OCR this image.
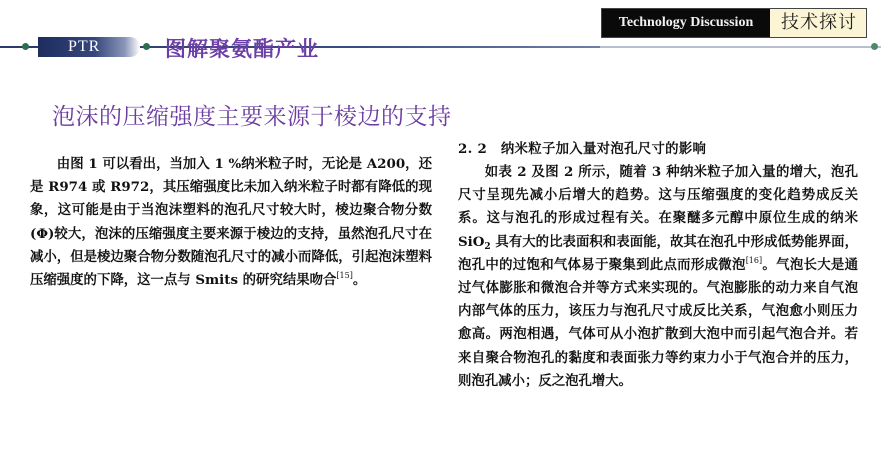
PTR	图解聚氨酯产业
Technology Discussion	技术探讨
泡沫的压缩强度主要来源于棱边的支持

由图 1 可以看出，当加入 1 %纳米粒子时，无论是 A200，还是 R974 或 R972，其压缩强度比未加入纳米粒子时都有降低的现象，这可能是由于当泡沫塑料的泡孔尺寸较大时，棱边聚合物分数(Φ)较大，泡沫的压缩强度主要来源于棱边的支持，虽然泡孔尺寸在减小，但是棱边聚合物分数随泡孔尺寸的减小而降低，引起泡沫塑料压缩强度的下降，这一点与 Smits 的研究结果吻合[15]。

2. 2　纳米粒子加入量对泡孔尺寸的影响

如表 2 及图 2 所示，随着 3 种纳米粒子加入量的增大，泡孔尺寸呈现先减小后增大的趋势。这与压缩强度的变化趋势成反关系。这与泡孔的形成过程有关。在聚醚多元醇中原位生成的纳米 SiO$_2$ 具有大的比表面积和表面能，故其在泡孔中形成低势能界面，泡孔中的过饱和气体易于聚集到此点而形成微泡[16]。气泡长大是通过气体膨胀和微泡合并等方式来实现的。气泡膨胀的动力来自气泡内部气体的压力，该压力与泡孔尺寸成反比关系，气泡愈小则压力愈高。两泡相遇，气体可从小泡扩散到大泡中而引起气泡合并。若来自聚合物泡孔的黏度和表面张力等约束力小于气泡合并的压力，则泡孔减小；反之泡孔增大。
